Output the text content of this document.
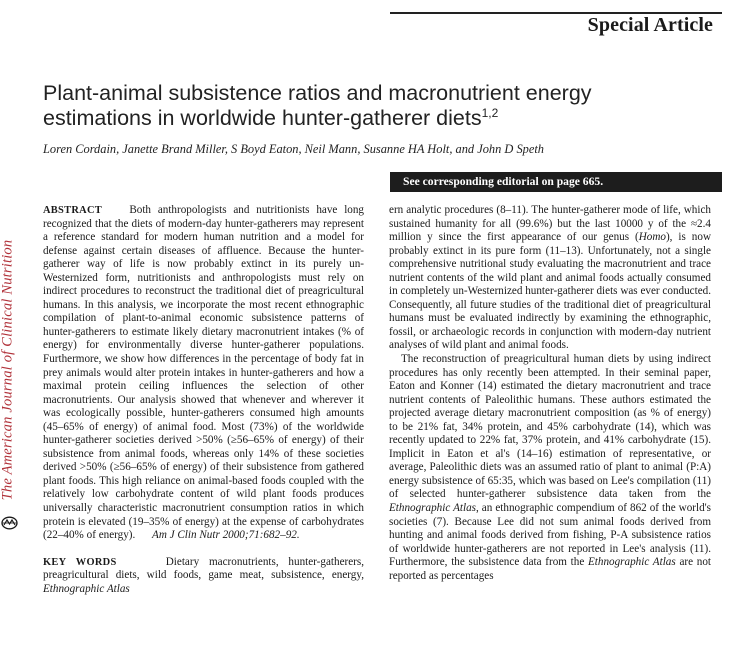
Special Article
The American Journal of Clinical Nutrition
Plant-animal subsistence ratios and macronutrient energy estimations in worldwide hunter-gatherer diets$^{1,2}$
Loren Cordain, Janette Brand Miller, S Boyd Eaton, Neil Mann, Susanne HA Holt, and John D Speth
See corresponding editorial on page 665.

ABSTRACT Both anthropologists and nutritionists have long recognized that the diets of modern-day hunter-gatherers may represent a reference standard for modern human nutrition and a model for defense against certain diseases of affluence. Because the hunter-gatherer way of life is now probably extinct in its purely un-Westernized form, nutritionists and anthropologists must rely on indirect procedures to reconstruct the traditional diet of preagricultural humans. In this analysis, we incorporate the most recent ethnographic compilation of plant-to-animal economic subsistence patterns of hunter-gatherers to estimate likely dietary macronutrient intakes (% of energy) for environmentally diverse hunter-gatherer populations. Furthermore, we show how differences in the percentage of body fat in prey animals would alter protein intakes in hunter-gatherers and how a maximal protein ceiling influences the selection of other macronutrients. Our analysis showed that whenever and wherever it was ecologically possible, hunter-gatherers consumed high amounts (45–65% of energy) of animal food. Most (73%) of the worldwide hunter-gatherer societies derived >50% (≥56–65% of energy) of their subsistence from animal foods, whereas only 14% of these societies derived >50% (≥56–65% of energy) of their subsistence from gathered plant foods. This high reliance on animal-based foods coupled with the relatively low carbohydrate content of wild plant foods produces universally characteristic macronutrient consumption ratios in which protein is elevated (19–35% of energy) at the expense of carbohydrates (22–40% of energy). Am J Clin Nutr 2000;71:682–92.

KEY WORDS	Dietary macronutrients, hunter-gatherers, preagricultural diets, wild foods, game meat, subsistence, energy, Ethnographic Atlas

ern analytic procedures (8–11). The hunter-gatherer mode of life, which sustained humanity for all (99.6%) but the last 10000 y of the ≈2.4 million y since the first appearance of our genus (Homo), is now probably extinct in its pure form (11–13). Unfortunately, not a single comprehensive nutritional study evaluating the macronutrient and trace nutrient contents of the wild plant and animal foods actually consumed in completely un-Westernized hunter-gatherer diets was ever conducted. Consequently, all future studies of the traditional diet of preagricultural humans must be evaluated indirectly by examining the ethnographic, fossil, or archaeologic records in conjunction with modern-day nutrient analyses of wild plant and animal foods.

The reconstruction of preagricultural human diets by using indirect procedures has only recently been attempted. In their seminal paper, Eaton and Konner (14) estimated the dietary macronutrient and trace nutrient contents of Paleolithic humans. These authors estimated the projected average dietary macronutrient composition (as % of energy) to be 21% fat, 34% protein, and 45% carbohydrate (14), which was recently updated to 22% fat, 37% protein, and 41% carbohydrate (15). Implicit in Eaton et al's (14–16) estimation of representative, or average, Paleolithic diets was an assumed ratio of plant to animal (P:A) energy subsistence of 65:35, which was based on Lee's compilation (11) of selected hunter-gatherer subsistence data taken from the Ethnographic Atlas, an ethnographic compendium of 862 of the world's societies (7). Because Lee did not sum animal foods derived from hunting and animal foods derived from fishing, P-A subsistence ratios of worldwide hunter-gatherers are not reported in Lee's analysis (11). Furthermore, the subsistence data from the Ethnographic Atlas are not reported as percentages
